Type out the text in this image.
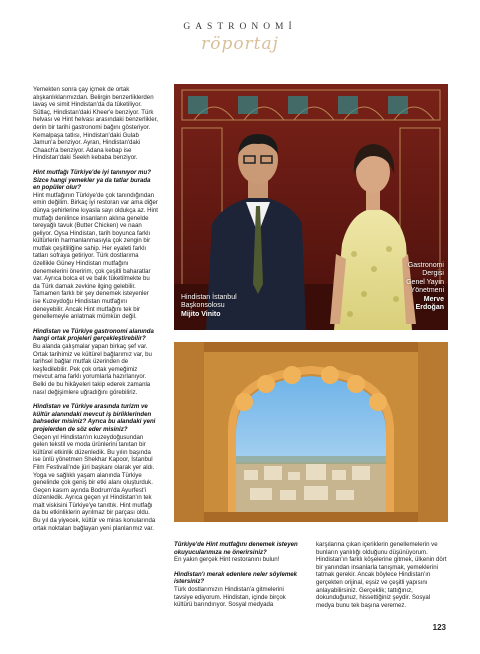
GASTRONOMİ
röportaj

Yemekten sonra çay içmek de ortak alışkanlıklarımızdan. Belirgin benzerliklerden lavaş ve simit Hindistan'da da tüketiliyor. Sütlaç, Hindistan'daki Kheer'e benziyor. Türk helvası ve Hint helvası arasındaki benzerlikler, derin bir tarihi gastronomi bağını gösteriyor. Kemalpaşa tatlısı, Hindistan'daki Gulab Jamun'a benziyor. Ayran, Hindistan'daki Chaach'a benziyor. Adana kebap ise Hindistan'daki Seekh kebaba benziyor.

Hint mutfağı Türkiye'de iyi tanınıyor mu? Sizce hangi yemekler ya da tatlar burada en popüler olur?

Hint mutfağının Türkiye'de çok tanındığından emin değilim. Birkaç iyi restoran var ama diğer dünya şehirlerine kıyasla sayı oldukça az. Hint mutfağı denilince insanların aklına genelde tereyağlı tavuk (Butter Chicken) ve naan geliyor. Oysa Hindistan, tarih boyunca farklı kültürlerin harmanlanmasıyla çok zengin bir mutfak çeşitliliğine sahip. Her eyaleti farklı tatları sofraya getiriyor. Türk dostlarıma özellikle Güney Hindistan mutfağını denemelerini öneririm, çok çeşitli baharatlar var. Ayrıca bolca et ve balık tüketilmekte bu da Türk damak zevkine ilging gelebilir. Tamamen farklı bir şey denemek isteyenler ise Kuzeydoğu Hindistan mutfağını deneyebilir. Ancak Hint mutfağını tek bir genellemeyle anlatmak mümkün değil.

Hindistan ve Türkiye gastronomi alanında hangi ortak projeleri gerçekleştirebilir?

Bu alanda çalışmalar yapan birkaç şef var. Ortak tarihimiz ve kültürel bağlarımız var, bu tarihsel bağlar mutfak üzerinden de keşfedilebilir. Pek çok ortak yemeğimiz mevcut ama farklı yorumlarla hazırlanıyor. Belki de bu hikâyeleri takip ederek zamanla nasıl değişimlere uğradığını görebiliriz.

Hindistan ve Türkiye arasında turizm ve kültür alanındaki mevcut iş birliklerinden bahseder misiniz? Ayrıca bu alandaki yeni projelerden de söz eder misiniz?

Geçen yıl Hindistan'ın kuzeydoğusundan gelen tekstil ve moda ürünlerini tanıtan bir kültürel etkinlik düzenledik. Bu yılın başında ise ünlü yönetmen Shekhar Kapoor, İstanbul Film Festivali'nde jüri başkanı olarak yer aldı. Yoga ve sağlıklı yaşam alanında Türkiye genelinde çok geniş bir etki alanı oluşturduk. Geçen kasım ayında Bodrum'da Ayurfest'i düzenledik. Ayrıca geçen yıl Hindistan'ın tek malt viskisini Türkiye'ye tanıttık. Hint mutfağı da bu etkinliklerin ayrılmaz bir parçası oldu. Bu yıl da yiyecek, kültür ve miras konularında ortak noktaları bağlayan yeni planlarımız var.

Hindistan İstanbul
Başkonsolosu
Mijito Vinito
Gastronomi
Dergisi
Genel Yayın
Yönetmeni
Merve
Erdoğan
Türkiye'de Hint mutfağını denemek isteyen okuyucularımıza ne önerirsiniz?
En yakın gerçek Hint restoranını bulun!
Hindistan'ı merak edenlere neler söylemek istersiniz?
Türk dostlarımızın Hindistan'a gitmelerini tavsiye ediyorum. Hindistan, içinde birçok kültürü barındırıyor. Sosyal medyada
karşılarına çıkan içeriklerin genellemelerin ve bunların yanlılığı olduğunu düşünüyorum. Hindistan'ın farklı köşelerine gitmek, ülkenin dört bir yanından insanlarla tanışmak, yemeklerini tatmak gerekir. Ancak böylece Hindistan'ın gerçekten orijinal, eşsiz ve çeşitli yapısını anlayabilirsiniz. Gerçeklik; tattığınız, dokunduğunuz, hissettiğiniz şeydir. Sosyal medya bunu tek başına veremez.
123
